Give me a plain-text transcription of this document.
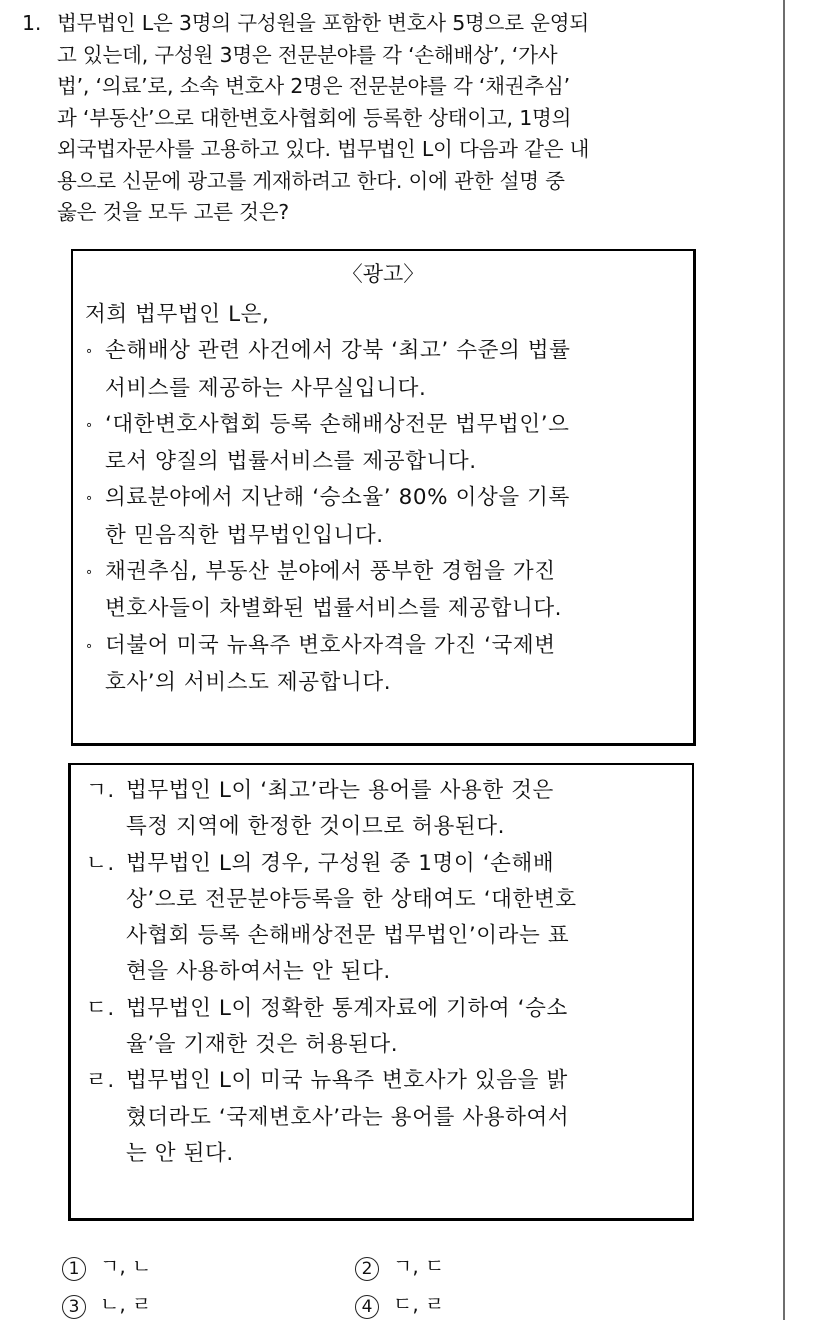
1. 법무법인 L은 3명의 구성원을 포함한 변호사 5명으로 운영되
고 있는데, 구성원 3명은 전문분야를 각 ‘손해배상’, ‘가사
법’, ‘의료’로, 소속 변호사 2명은 전문분야를 각 ‘채권추심’
과 ‘부동산’으로 대한변호사협회에 등록한 상태이고, 1명의
외국법자문사를 고용하고 있다. 법무법인 L이 다음과 같은 내
용으로 신문에 광고를 게재하려고 한다. 이에 관한 설명 중
옳은 것을 모두 고른 것은?
〈광고〉
저희 법무법인 L은,
∘ 손해배상 관련 사건에서 강북 ‘최고’ 수준의 법률
서비스를 제공하는 사무실입니다.
∘ ‘대한변호사협회 등록 손해배상전문 법무법인’으
로서 양질의 법률서비스를 제공합니다.
∘ 의료분야에서 지난해 ‘승소율’ 80% 이상을 기록
한 믿음직한 법무법인입니다.
∘ 채권추심, 부동산 분야에서 풍부한 경험을 가진
변호사들이 차별화된 법률서비스를 제공합니다.
∘ 더불어 미국 뉴욕주 변호사자격을 가진 ‘국제변
호사’의 서비스도 제공합니다.
ㄱ. 법무법인 L이 ‘최고’라는 용어를 사용한 것은
특정 지역에 한정한 것이므로 허용된다.
ㄴ. 법무법인 L의 경우, 구성원 중 1명이 ‘손해배
상’으로 전문분야등록을 한 상태여도 ‘대한변호
사협회 등록 손해배상전문 법무법인’이라는 표
현을 사용하여서는 안 된다.
ㄷ. 법무법인 L이 정확한 통계자료에 기하여 ‘승소
율’을 기재한 것은 허용된다.
ㄹ. 법무법인 L이 미국 뉴욕주 변호사가 있음을 밝
혔더라도 ‘국제변호사’라는 용어를 사용하여서
는 안 된다.
1 ㄱ, ㄴ	2 ㄱ, ㄷ
3 ㄴ, ㄹ	4 ㄷ, ㄹ
